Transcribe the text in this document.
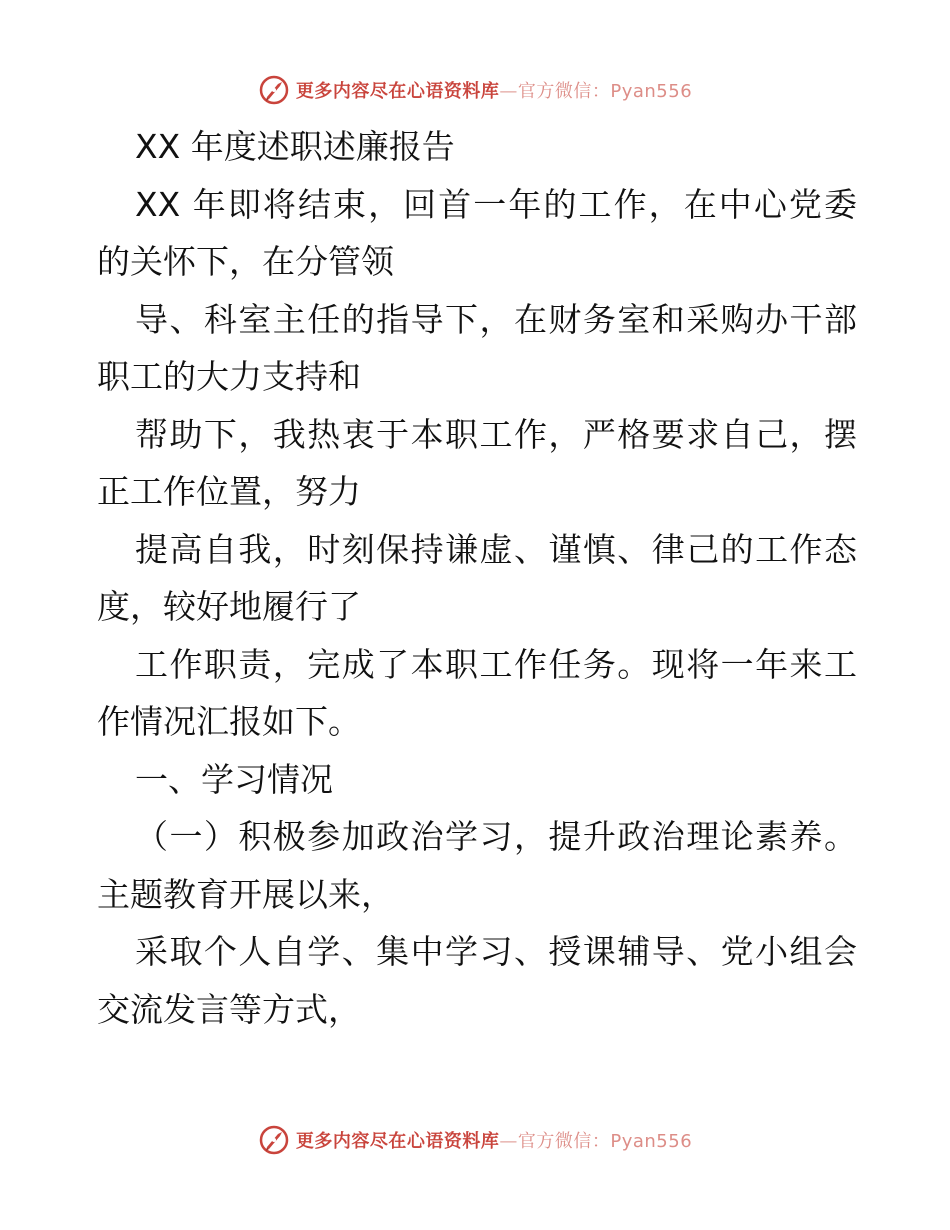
更多内容尽在心语资料库—官方微信：Pyan556
XX 年度述职述廉报告
XX 年即将结束，回首一年的工作，在中心党委
的关怀下，在分管领
导、科室主任的指导下，在财务室和采购办干部
职工的大力支持和
帮助下，我热衷于本职工作，严格要求自己，摆
正工作位置，努力
提高自我，时刻保持谦虚、谨慎、律己的工作态
度，较好地履行了
工作职责，完成了本职工作任务。现将一年来工
作情况汇报如下。
一、学习情况
（一）积极参加政治学习，提升政治理论素养。
主题教育开展以来，
采取个人自学、集中学习、授课辅导、党小组会
交流发言等方式，
更多内容尽在心语资料库—官方微信：Pyan556
